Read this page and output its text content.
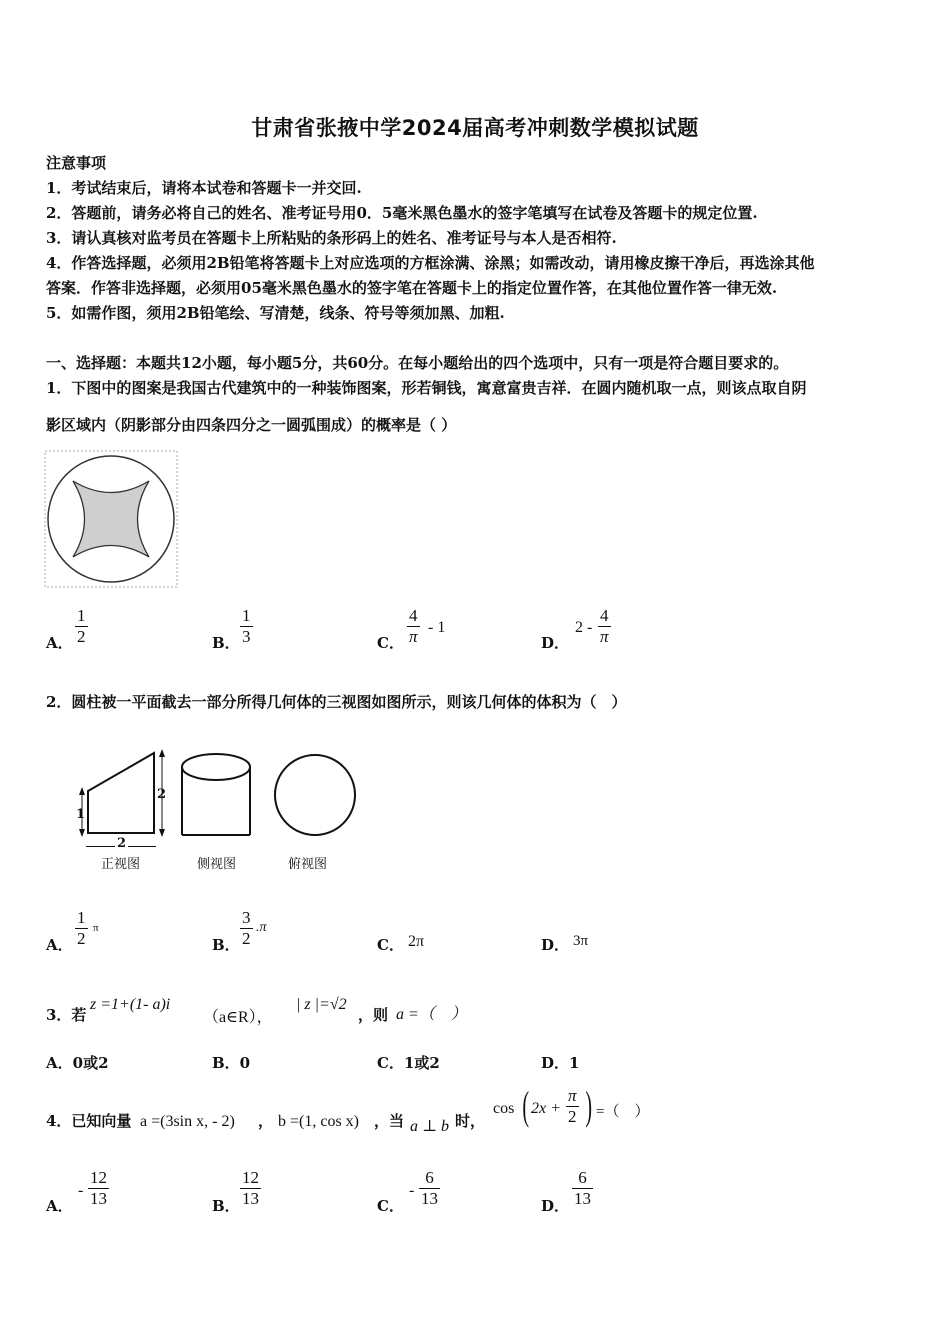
甘肃省张掖中学2024届高考冲刺数学模拟试题
注意事项
1．考试结束后，请将本试卷和答题卡一并交回.
2．答题前，请务必将自己的姓名、准考证号用0．5毫米黑色墨水的签字笔填写在试卷及答题卡的规定位置.
3．请认真核对监考员在答题卡上所粘贴的条形码上的姓名、准考证号与本人是否相符.
4．作答选择题，必须用2B铅笔将答题卡上对应选项的方框涂满、涂黑；如需改动，请用橡皮擦干净后，再选涂其他
答案．作答非选择题，必须用05毫米黑色墨水的签字笔在答题卡上的指定位置作答，在其他位置作答一律无效.
5．如需作图，须用2B铅笔绘、写清楚，线条、符号等须加黑、加粗.
一、选择题：本题共12小题，每小题5分，共60分。在每小题给出的四个选项中，只有一项是符合题目要求的。
1．下图中的图案是我国古代建筑中的一种装饰图案，形若铜钱，寓意富贵吉祥．在圆内随机取一点，则该点取自阴
影区域内（阴影部分由四条四分之一圆弧围成）的概率是（ ）
A．
1
2	B．
1
3	C．
4
π - 1
D．
2 -
4
π
2．圆柱被一平面截去一部分所得几何体的三视图如图所示，则该几何体的体积为（　）
1
2
2
正视图	侧视图	俯视图
A．
1
2
π
B．
3
2
.π
C． 2π	D． 3π
3．若
z =1+(1- a)i
（a∈R），
| z |=√2
，则 a =（　）
A．0或2	B．0	C．1或2	D．1
4．已知向量 a =(3sin x, - 2) ， b =(1, cos x) ，当 a ⊥ b 时，
cos ( 2x +
π
2 ) =（　）
A．
-
12
13	B．
12
13	C．
-
6
13	D．
6
13
